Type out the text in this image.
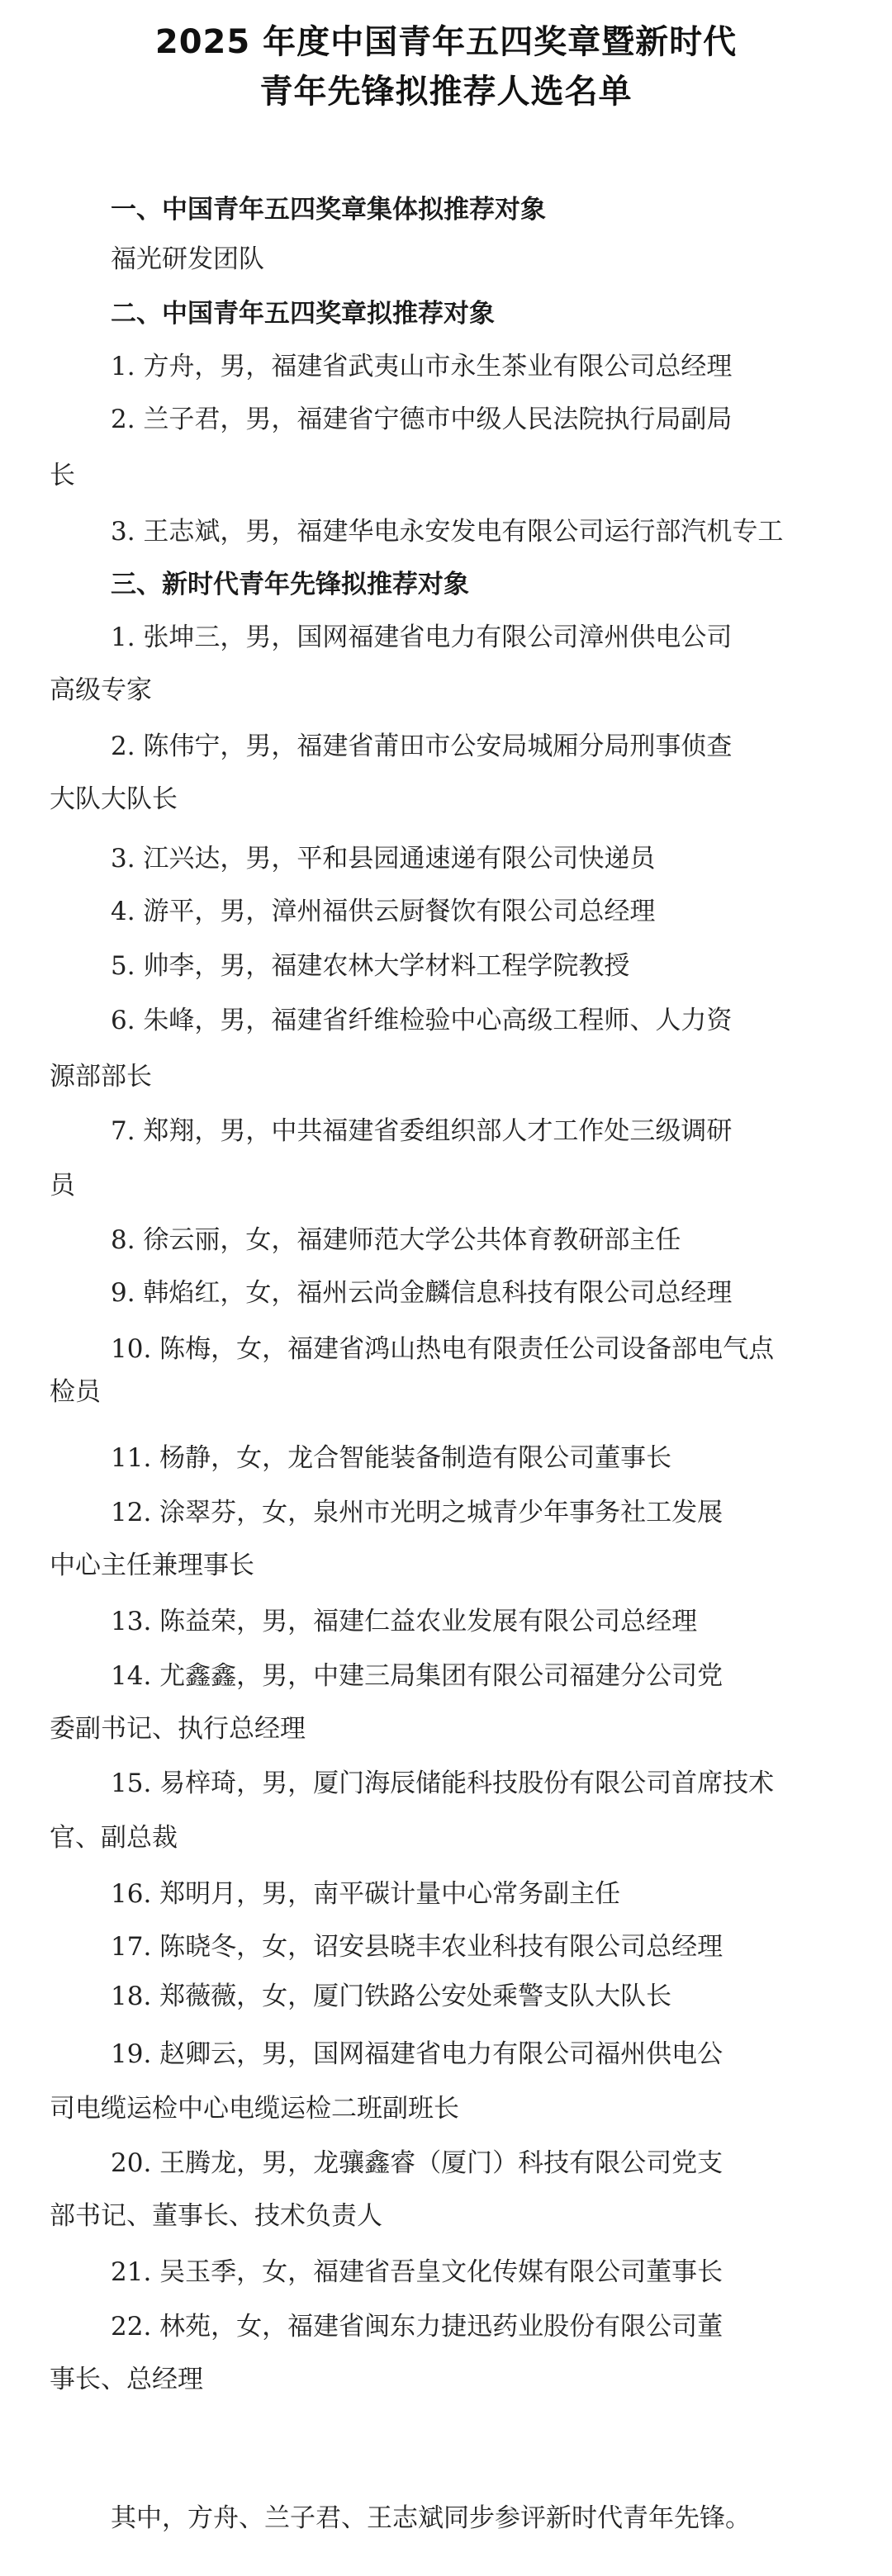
2025 年度中国青年五四奖章暨新时代
青年先锋拟推荐人选名单
一、中国青年五四奖章集体拟推荐对象
福光研发团队
二、中国青年五四奖章拟推荐对象
1. 方舟，男，福建省武夷山市永生茶业有限公司总经理
2. 兰子君，男，福建省宁德市中级人民法院执行局副局
长
3. 王志斌，男，福建华电永安发电有限公司运行部汽机专工
三、新时代青年先锋拟推荐对象
1. 张坤三，男，国网福建省电力有限公司漳州供电公司
高级专家
2. 陈伟宁，男，福建省莆田市公安局城厢分局刑事侦查
大队大队长
3. 江兴达，男，平和县园通速递有限公司快递员
4. 游平，男，漳州福供云厨餐饮有限公司总经理
5. 帅李，男，福建农林大学材料工程学院教授
6. 朱峰，男，福建省纤维检验中心高级工程师、人力资
源部部长
7. 郑翔，男，中共福建省委组织部人才工作处三级调研
员
8. 徐云丽，女，福建师范大学公共体育教研部主任
9. 韩焰红，女，福州云尚金麟信息科技有限公司总经理
10. 陈梅，女，福建省鸿山热电有限责任公司设备部电气点
检员
11. 杨静，女，龙合智能装备制造有限公司董事长
12. 涂翠芬，女，泉州市光明之城青少年事务社工发展
中心主任兼理事长
13. 陈益荣，男，福建仁益农业发展有限公司总经理
14. 尤鑫鑫，男，中建三局集团有限公司福建分公司党
委副书记、执行总经理
15. 易梓琦，男，厦门海辰储能科技股份有限公司首席技术
官、副总裁
16. 郑明月，男，南平碳计量中心常务副主任
17. 陈晓冬，女，诏安县晓丰农业科技有限公司总经理
18. 郑薇薇，女，厦门铁路公安处乘警支队大队长
19. 赵卿云，男，国网福建省电力有限公司福州供电公
司电缆运检中心电缆运检二班副班长
20. 王腾龙，男，龙骧鑫睿（厦门）科技有限公司党支
部书记、董事长、技术负责人
21. 吴玉季，女，福建省吾皇文化传媒有限公司董事长
22. 林苑，女，福建省闽东力捷迅药业股份有限公司董
事长、总经理
其中，方舟、兰子君、王志斌同步参评新时代青年先锋。
